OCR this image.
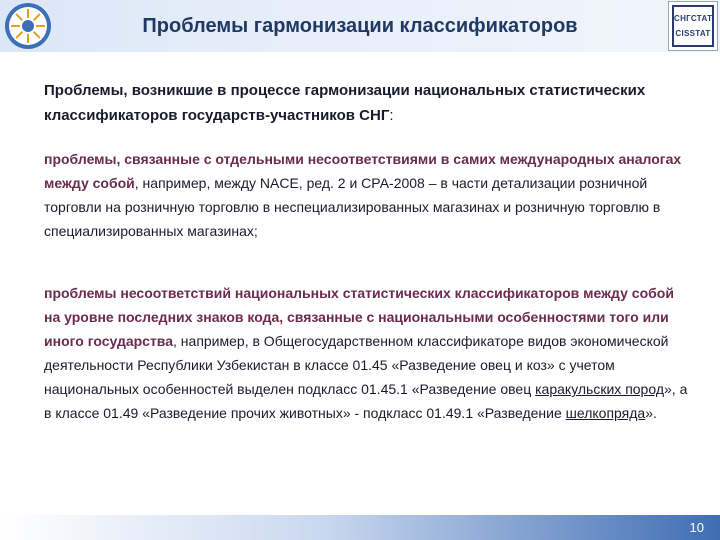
Проблемы гармонизации классификаторов	СНГСТАТ
CISSTAT
Проблемы, возникшие в процессе гармонизации национальных статистических классификаторов государств-участников СНГ:
проблемы, связанные с отдельными несоответствиями в самих международных аналогах между собой, например, между NACE, ред. 2 и СРА-2008 – в части детализации розничной торговли на розничную торговлю в неспециализированных магазинах и розничную торговлю в специализированных магазинах;
проблемы несоответствий национальных статистических классификаторов между собой на уровне последних знаков кода, связанные с национальными особенностями того или иного государства, например, в Общегосударственном классификаторе видов экономической деятельности Республики Узбекистан в классе 01.45 «Разведение овец и коз» с учетом национальных особенностей выделен подкласс 01.45.1 «Разведение овец каракульских пород», а в классе 01.49 «Разведение прочих животных» - подкласс 01.49.1 «Разведение шелкопряда».
10
